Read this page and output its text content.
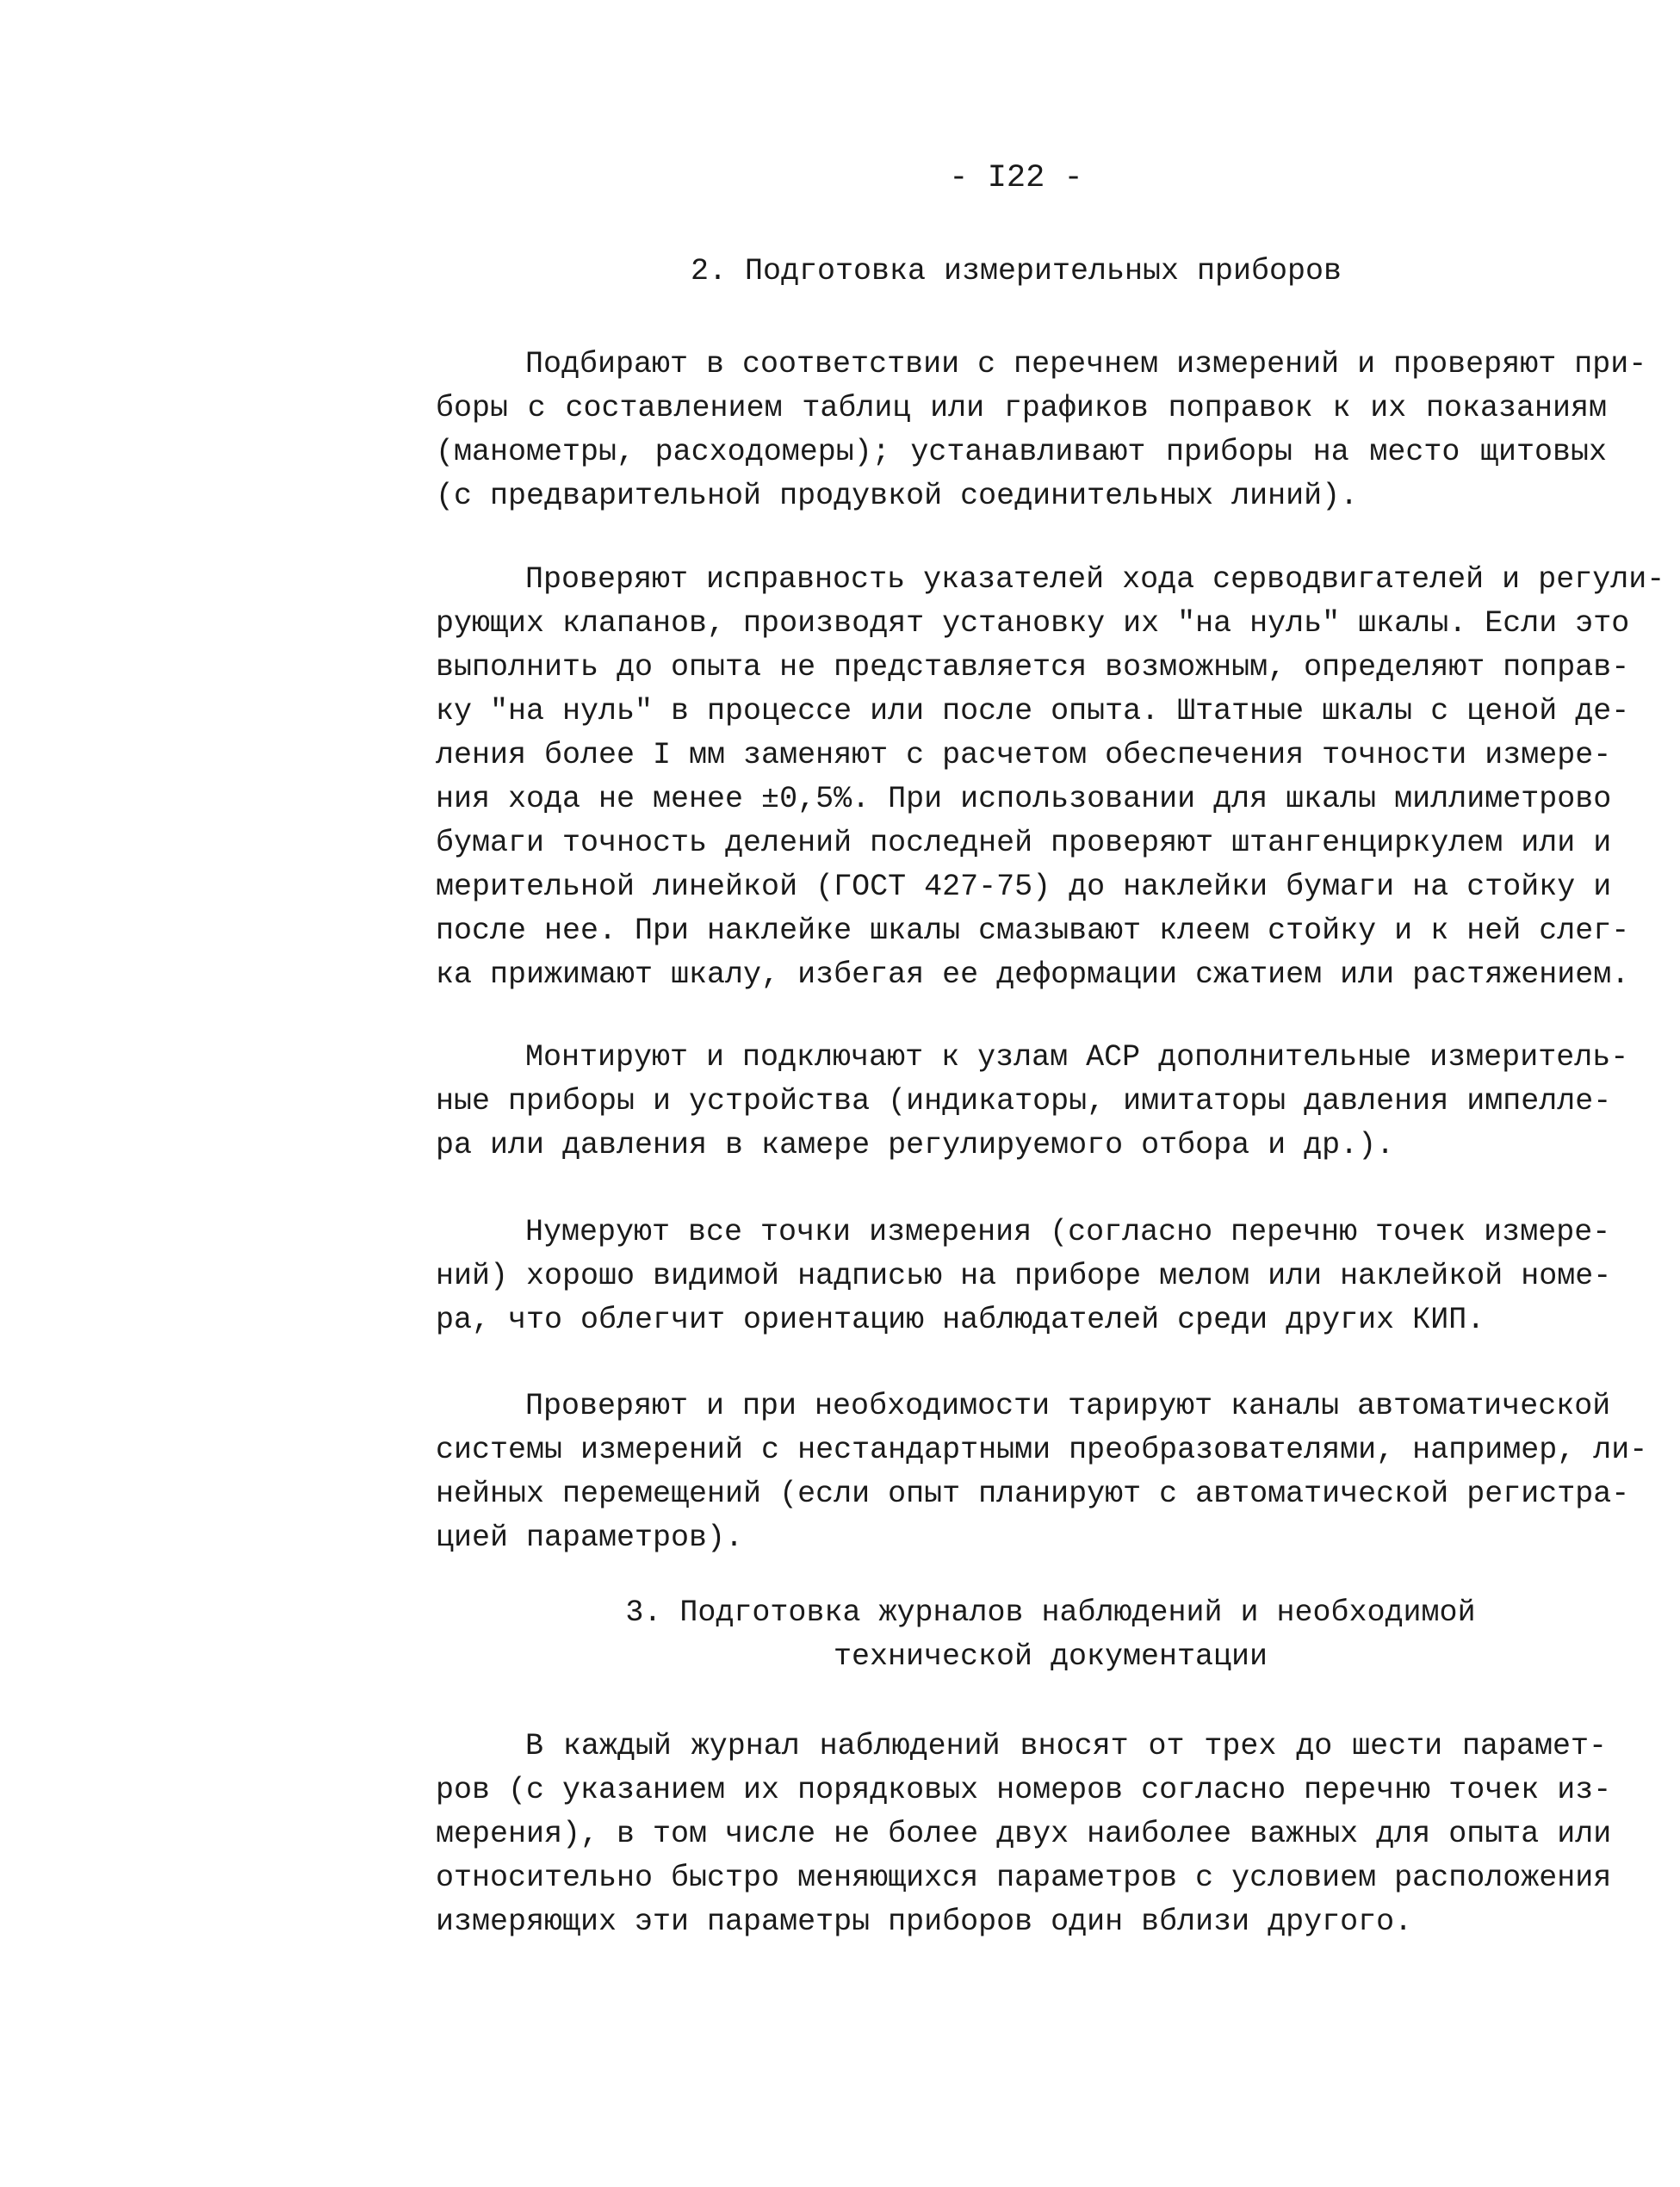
- I22 -
2. Подготовка измерительных приборов
Подбирают в соответствии с перечнем измерений и проверяют при-
боры с составлением таблиц или графиков поправок к их показаниям
(манометры, расходомеры); устанавливают приборы на место щитовых
(с предварительной продувкой соединительных линий).
Проверяют исправность указателей хода серводвигателей и регули-
рующих клапанов, производят установку их "на нуль" шкалы. Если это
выполнить до опыта не представляется возможным, определяют поправ-
ку "на нуль" в процессе или после опыта. Штатные шкалы с ценой де-
ления более I мм заменяют с расчетом обеспечения точности измере-
ния хода не менее ±0,5%. При использовании для шкалы миллиметрово
бумаги точность делений последней проверяют штангенциркулем или и
мерительной линейкой (ГОСТ 427-75) до наклейки бумаги на стойку и
после нее. При наклейке шкалы смазывают клеем стойку и к ней слег-
ка прижимают шкалу, избегая ее деформации сжатием или растяжением.
Монтируют и подключают к узлам АСР дополнительные измеритель-
ные приборы и устройства (индикаторы, имитаторы давления импелле-
ра или давления в камере регулируемого отбора и др.).
Нумеруют все точки измерения (согласно перечню точек измере-
ний) хорошо видимой надписью на приборе мелом или наклейкой номе-
ра, что облегчит ориентацию наблюдателей среди других КИП.
Проверяют и при необходимости тарируют каналы автоматической
системы измерений с нестандартными преобразователями, например, ли-
нейных перемещений (если опыт планируют с автоматической регистра-
цией параметров).
3. Подготовка журналов наблюдений и необходимой
технической документации
В каждый журнал наблюдений вносят от трех до шести парамет-
ров (с указанием их порядковых номеров согласно перечню точек из-
мерения), в том числе не более двух наиболее важных для опыта или
относительно быстро меняющихся параметров с условием расположения
измеряющих эти параметры приборов один вблизи другого.
